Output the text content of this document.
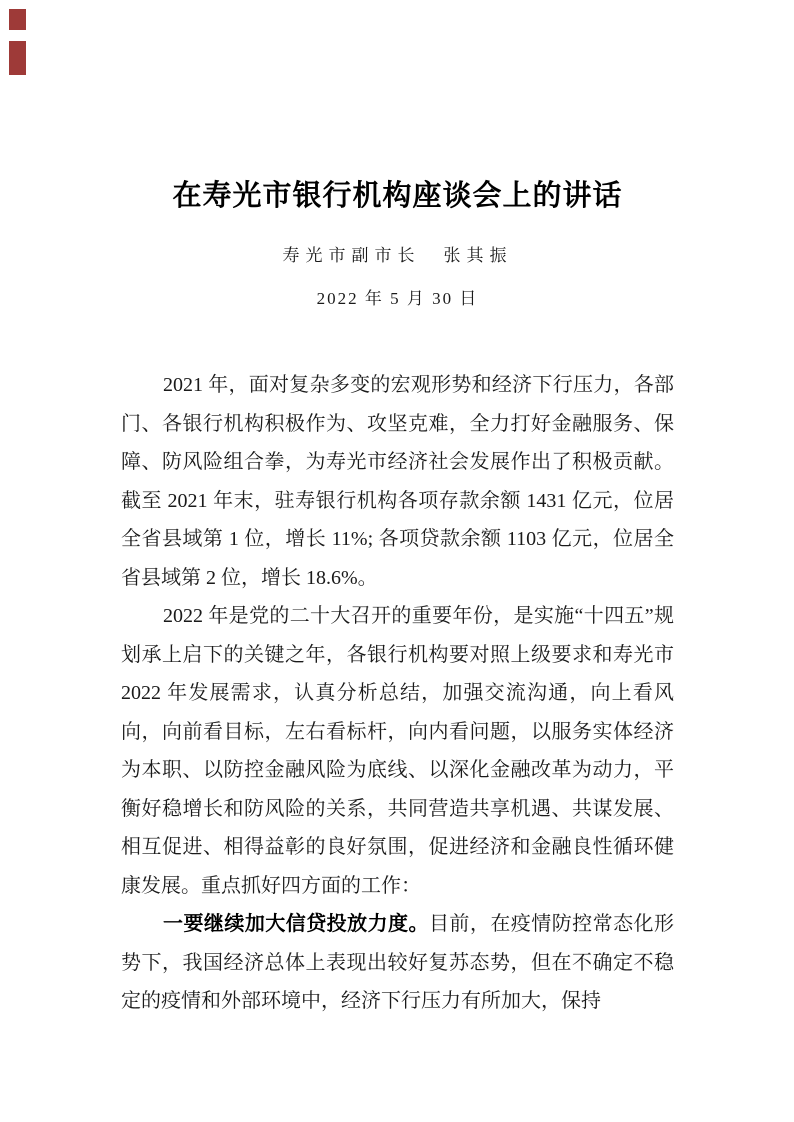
在寿光市银行机构座谈会上的讲话
寿光市副市长　张其振
2022 年 5 月 30 日

2021 年，面对复杂多变的宏观形势和经济下行压力，各部门、各银行机构积极作为、攻坚克难，全力打好金融服务、保障、防风险组合拳，为寿光市经济社会发展作出了积极贡献。截至 2021 年末，驻寿银行机构各项存款余额 1431 亿元，位居全省县域第 1 位，增长 11%; 各项贷款余额 1103 亿元，位居全省县域第 2 位，增长 18.6%。

2022 年是党的二十大召开的重要年份，是实施“十四五”规划承上启下的关键之年，各银行机构要对照上级要求和寿光市 2022 年发展需求，认真分析总结，加强交流沟通，向上看风向，向前看目标，左右看标杆，向内看问题，以服务实体经济为本职、以防控金融风险为底线、以深化金融改革为动力，平衡好稳增长和防风险的关系，共同营造共享机遇、共谋发展、相互促进、相得益彰的良好氛围，促进经济和金融良性循环健康发展。重点抓好四方面的工作：

一要继续加大信贷投放力度。目前，在疫情防控常态化形势下，我国经济总体上表现出较好复苏态势，但在不确定不稳定的疫情和外部环境中，经济下行压力有所加大，保持
